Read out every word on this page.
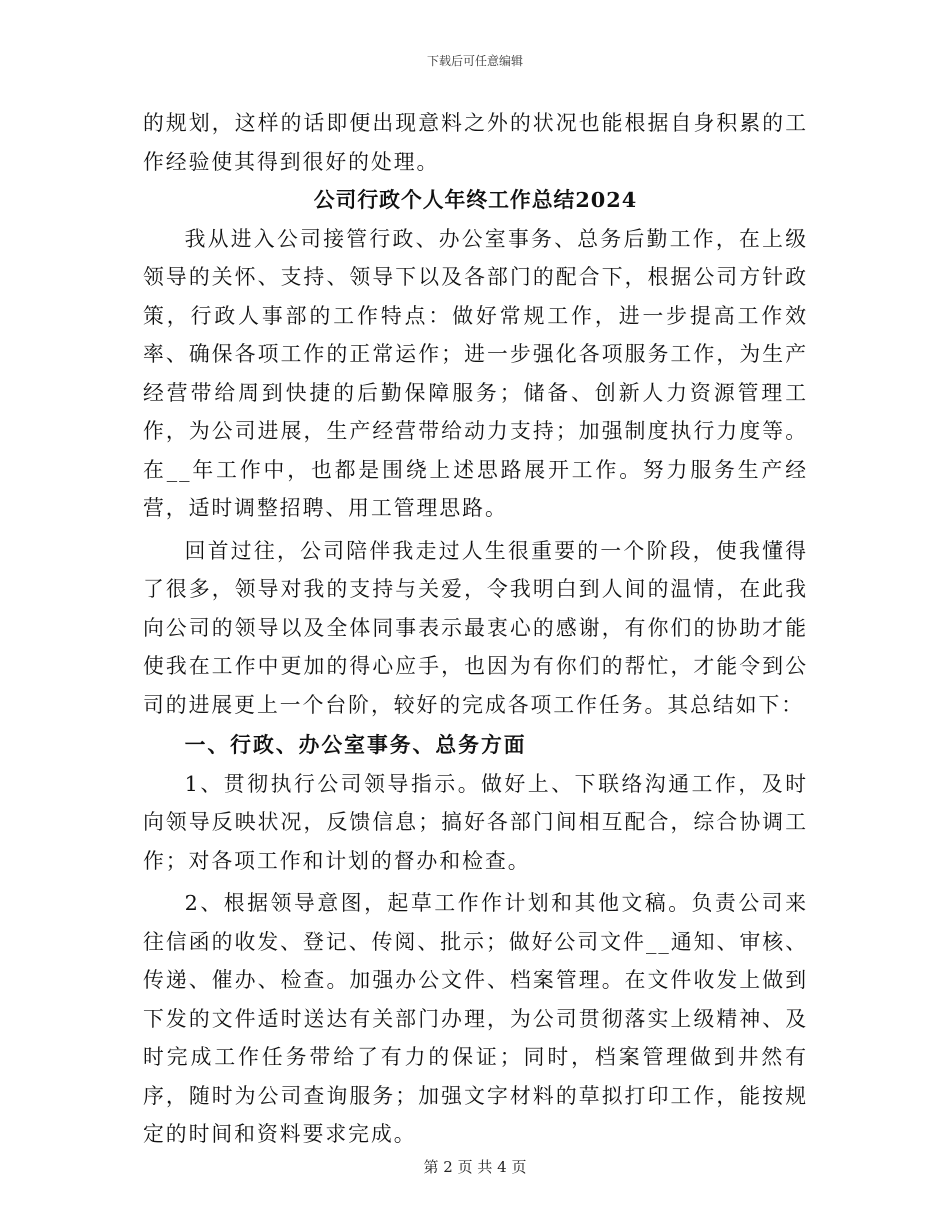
下载后可任意编辑

的规划，这样的话即便出现意料之外的状况也能根据自身积累的工作经验使其得到很好的处理。

公司行政个人年终工作总结2024

我从进入公司接管行政、办公室事务、总务后勤工作，在上级领导的关怀、支持、领导下以及各部门的配合下，根据公司方针政策，行政人事部的工作特点：做好常规工作，进一步提高工作效率、确保各项工作的正常运作；进一步强化各项服务工作，为生产经营带给周到快捷的后勤保障服务；储备、创新人力资源管理工作，为公司进展，生产经营带给动力支持；加强制度执行力度等。在__年工作中，也都是围绕上述思路展开工作。努力服务生产经营，适时调整招聘、用工管理思路。

回首过往，公司陪伴我走过人生很重要的一个阶段，使我懂得了很多，领导对我的支持与关爱，令我明白到人间的温情，在此我向公司的领导以及全体同事表示最衷心的感谢，有你们的协助才能使我在工作中更加的得心应手，也因为有你们的帮忙，才能令到公司的进展更上一个台阶，较好的完成各项工作任务。其总结如下：

一、行政、办公室事务、总务方面

1、贯彻执行公司领导指示。做好上、下联络沟通工作，及时向领导反映状况，反馈信息；搞好各部门间相互配合，综合协调工作；对各项工作和计划的督办和检查。

2、根据领导意图，起草工作作计划和其他文稿。负责公司来往信函的收发、登记、传阅、批示；做好公司文件__通知、审核、传递、催办、检查。加强办公文件、档案管理。在文件收发上做到下发的文件适时送达有关部门办理，为公司贯彻落实上级精神、及时完成工作任务带给了有力的保证；同时，档案管理做到井然有序，随时为公司查询服务；加强文字材料的草拟打印工作，能按规定的时间和资料要求完成。

第 2 页 共 4 页
